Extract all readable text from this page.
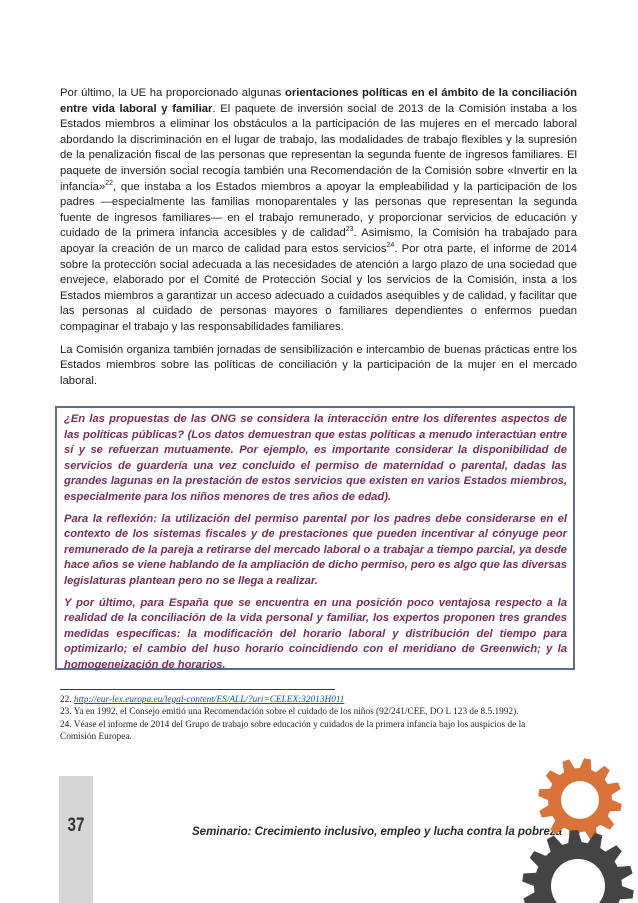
Por último, la UE ha proporcionado algunas orientaciones políticas en el ámbito de la conciliación entre vida laboral y familiar. El paquete de inversión social de 2013 de la Comisión instaba a los Estados miembros a eliminar los obstáculos a la participación de las mujeres en el mercado laboral abordando la discriminación en el lugar de trabajo, las modalidades de trabajo flexibles y la supresión de la penalización fiscal de las personas que representan la segunda fuente de ingresos familiares. El paquete de inversión social recogía también una Recomendación de la Comisión sobre «Invertir en la infancia»$^{22}$, que instaba a los Estados miembros a apoyar la empleabilidad y la participación de los padres —especialmente las familias monoparentales y las personas que representan la segunda fuente de ingresos familiares— en el trabajo remunerado, y proporcionar servicios de educación y cuidado de la primera infancia accesibles y de calidad$^{23}$. Asimismo, la Comisión ha trabajado para apoyar la creación de un marco de calidad para estos servicios$^{24}$. Por otra parte, el informe de 2014 sobre la protección social adecuada a las necesidades de atención a largo plazo de una sociedad que envejece, elaborado por el Comité de Protección Social y los servicios de la Comisión, insta a los Estados miembros a garantizar un acceso adecuado a cuidados asequibles y de calidad, y facilitar que las personas al cuidado de personas mayores o familiares dependientes o enfermos puedan compaginar el trabajo y las responsabilidades familiares.

La Comisión organiza también jornadas de sensibilización e intercambio de buenas prácticas entre los Estados miembros sobre las políticas de conciliación y la participación de la mujer en el mercado laboral.

¿En las propuestas de las ONG se considera la interacción entre los diferentes aspectos de las políticas públicas? (Los datos demuestran que estas políticas a menudo interactúan entre sí y se refuerzan mutuamente. Por ejemplo, es importante considerar la disponibilidad de servicios de guardería una vez concluido el permiso de maternidad o parental, dadas las grandes lagunas en la prestación de estos servicios que existen en varios Estados miembros, especialmente para los niños menores de tres años de edad).

Para la reflexión: la utilización del permiso parental por los padres debe considerarse en el contexto de los sistemas fiscales y de prestaciones que pueden incentivar al cónyuge peor remunerado de la pareja a retirarse del mercado laboral o a trabajar a tiempo parcial, ya desde hace años se viene hablando de la ampliación de dicho permiso, pero es algo que las diversas legislaturas plantean pero no se llega a realizar.

Y por último, para España que se encuentra en una posición poco ventajosa respecto a la realidad de la conciliación de la vida personal y familiar, los expertos proponen tres grandes medidas específicas: la modificación del horario laboral y distribución del tiempo para optimizarlo; el cambio del huso horario coincidiendo con el meridiano de Greenwich; y la homogeneización de horarios.

22. http://eur-lex.europa.eu/legal-content/ES/ALL/?uri=CELEX:32013H011
23. Ya en 1992, el Consejo emitió una Recomendación sobre el cuidado de los niños (92/241/CEE, DO L 123 de 8.5.1992).
24. Véase el informe de 2014 del Grupo de trabajo sobre educación y cuidados de la primera infancia bajo los auspicios de la Comisión Europea.
37	Seminario: Crecimiento inclusivo, empleo y lucha contra la pobreza
